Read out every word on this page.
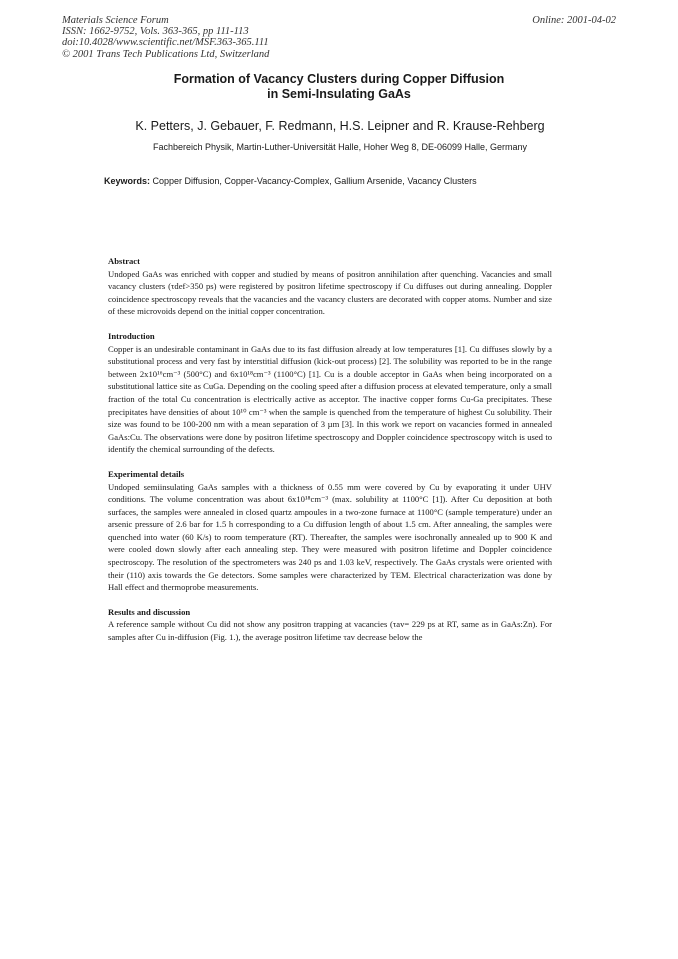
Materials Science Forum
ISSN: 1662-9752, Vols. 363-365, pp 111-113
doi:10.4028/www.scientific.net/MSF.363-365.111
© 2001 Trans Tech Publications Ltd, Switzerland
Online: 2001-04-02
Formation of Vacancy Clusters during Copper Diffusion
in Semi-Insulating GaAs
K. Petters, J. Gebauer, F. Redmann, H.S. Leipner and R. Krause-Rehberg
Fachbereich Physik, Martin-Luther-Universität Halle, Hoher Weg 8, DE-06099 Halle, Germany
Keywords: Copper Diffusion, Copper-Vacancy-Complex, Gallium Arsenide, Vacancy Clusters

Abstract

Undoped GaAs was enriched with copper and studied by means of positron annihilation after quenching. Vacancies and small vacancy clusters (τdef>350 ps) were registered by positron lifetime spectroscopy if Cu diffuses out during annealing. Doppler coincidence spectroscopy reveals that the vacancies and the vacancy clusters are decorated with copper atoms. Number and size of these microvoids depend on the initial copper concentration.

Introduction

Copper is an undesirable contaminant in GaAs due to its fast diffusion already at low temperatures [1]. Cu diffuses slowly by a substitutional process and very fast by interstitial diffusion (kick-out process) [2]. The solubility was reported to be in the range between 2x10¹⁶cm⁻³ (500°C) and 6x10¹⁸cm⁻³ (1100°C) [1]. Cu is a double acceptor in GaAs when being incorporated on a substitutional lattice site as CuGa. Depending on the cooling speed after a diffusion process at elevated temperature, only a small fraction of the total Cu concentration is electrically active as acceptor. The inactive copper forms Cu-Ga precipitates. These precipitates have densities of about 10¹⁰ cm⁻³ when the sample is quenched from the temperature of highest Cu solubility. Their size was found to be 100-200 nm with a mean separation of 3 µm [3]. In this work we report on vacancies formed in annealed GaAs:Cu. The observations were done by positron lifetime spectroscopy and Doppler coincidence spectroscopy witch is used to identify the chemical surrounding of the defects.

Experimental details

Undoped semiinsulating GaAs samples with a thickness of 0.55 mm were covered by Cu by evaporating it under UHV conditions. The volume concentration was about 6x10¹⁸cm⁻³ (max. solubility at 1100°C [1]). After Cu deposition at both surfaces, the samples were annealed in closed quartz ampoules in a two-zone furnace at 1100°C (sample temperature) under an arsenic pressure of 2.6 bar for 1.5 h corresponding to a Cu diffusion length of about 1.5 cm. After annealing, the samples were quenched into water (60 K/s) to room temperature (RT). Thereafter, the samples were isochronally annealed up to 900 K and were cooled down slowly after each annealing step. They were measured with positron lifetime and Doppler coincidence spectroscopy. The resolution of the spectrometers was 240 ps and 1.03 keV, respectively. The GaAs crystals were oriented with their (110) axis towards the Ge detectors. Some samples were characterized by TEM. Electrical characterization was done by Hall effect and thermoprobe measurements.

Results and discussion

A reference sample without Cu did not show any positron trapping at vacancies (τav= 229 ps at RT, same as in GaAs:Zn). For samples after Cu in-diffusion (Fig. 1.), the average positron lifetime τav decrease below the
